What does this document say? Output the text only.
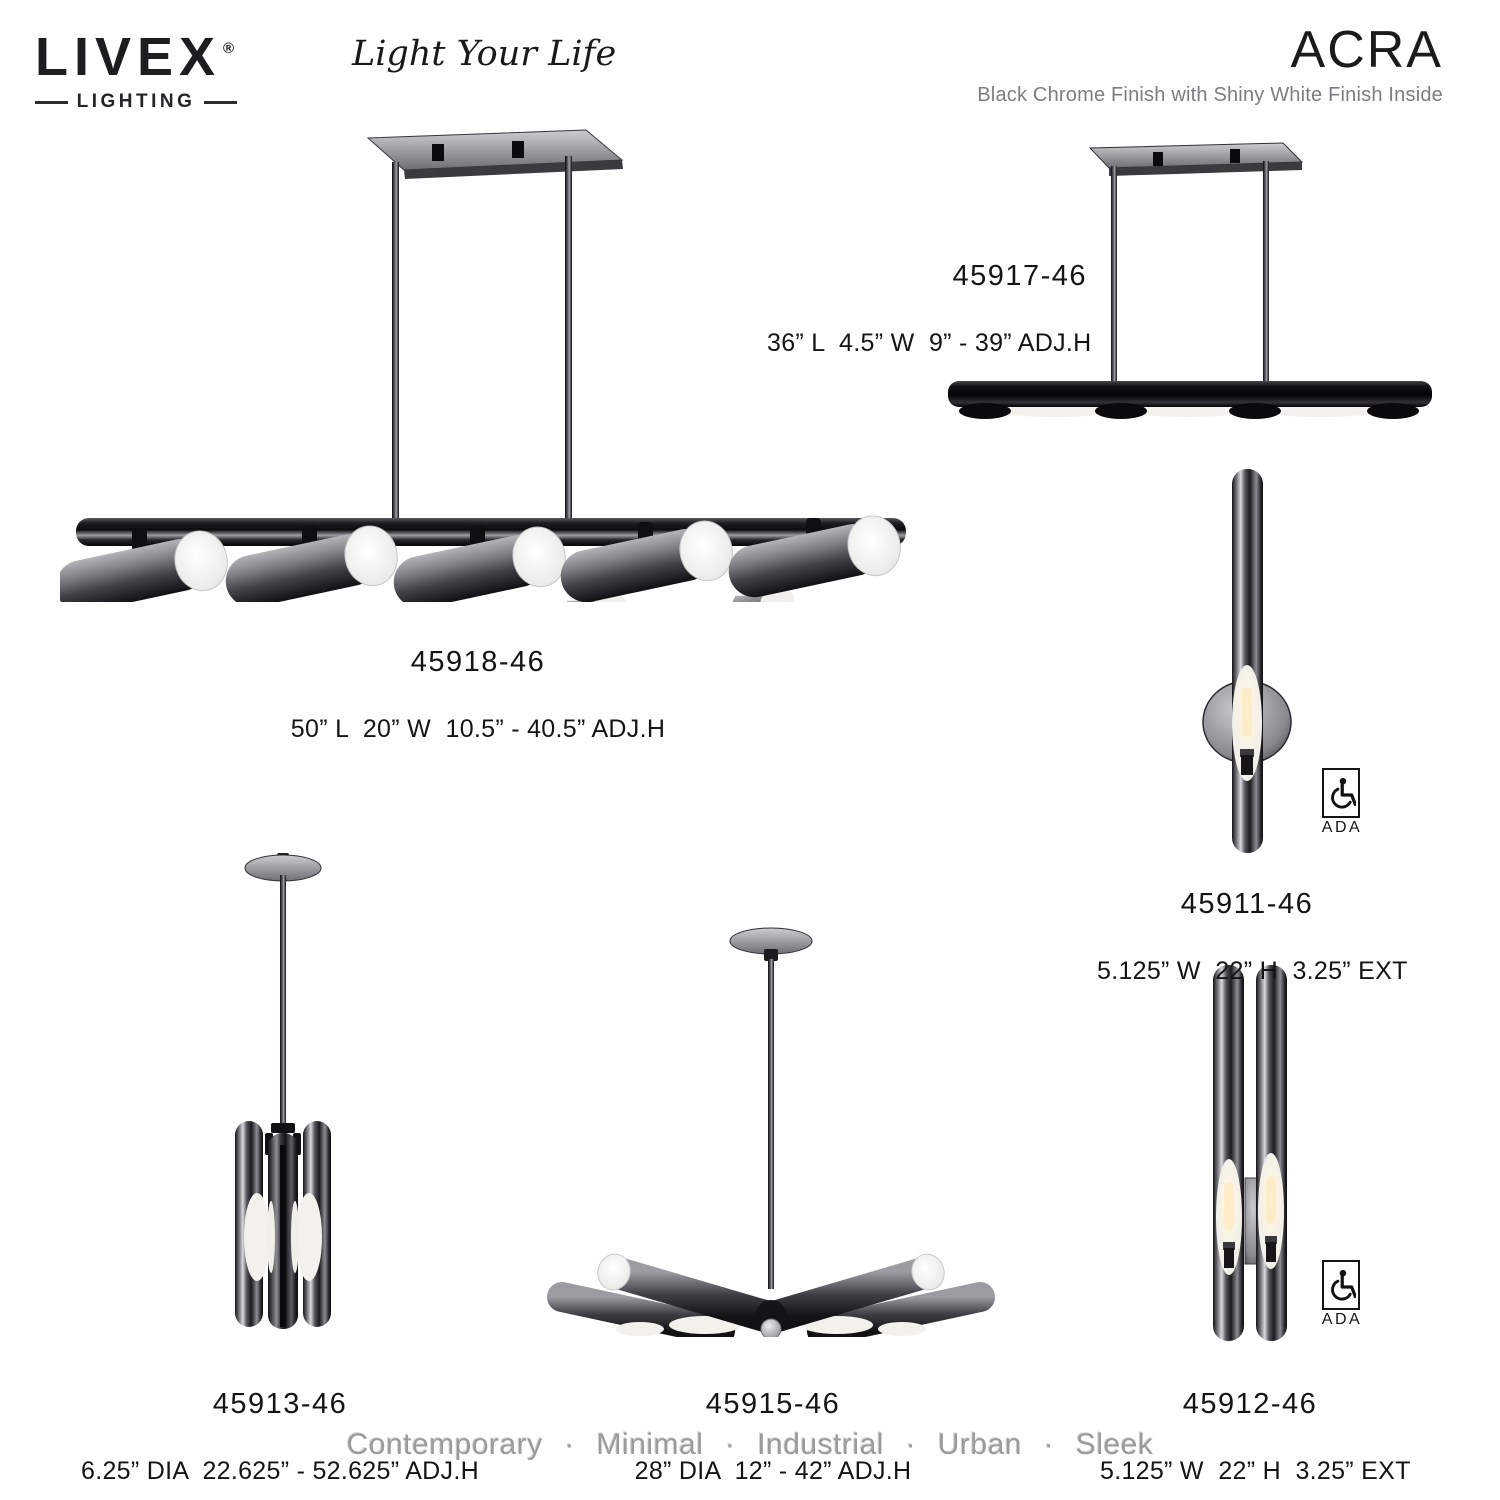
LIVEX ®
LIGHTING
Light Your Life	ACRA
Black Chrome Finish with Shiny White Finish Inside
ADA
ADA

45918-46

50” L  20” W  10.5” - 40.5” ADJ.H

45917-46

36” L  4.5” W  9” - 39” ADJ.H

45911-46

5.125” W  22” H  3.25” EXT

45913-46

6.25” DIA  22.625” - 52.625” ADJ.H

45915-46

28” DIA  12” - 42” ADJ.H

45912-46

5.125” W  22” H  3.25” EXT

Contemporary  ·  Minimal  ·  Industrial  ·  Urban  ·  Sleek
